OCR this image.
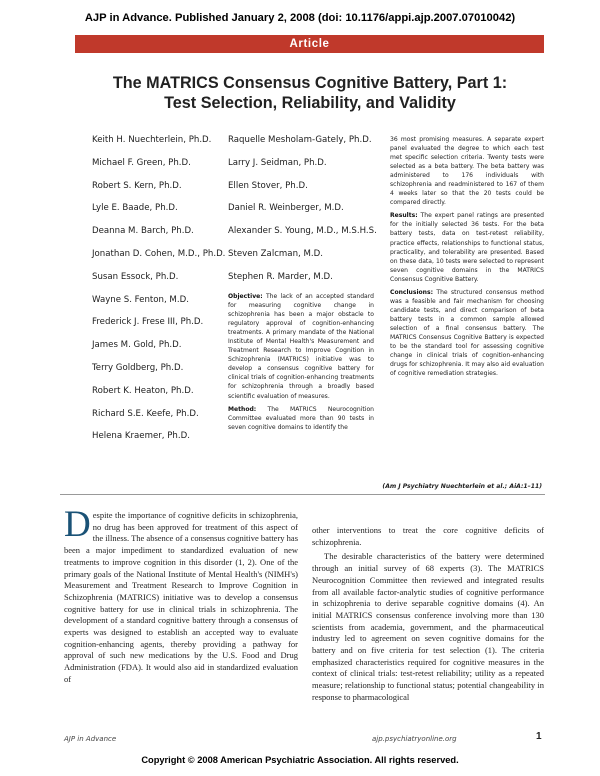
AJP in Advance. Published January 2, 2008 (doi: 10.1176/appi.ajp.2007.07010042)
Article
The MATRICS Consensus Cognitive Battery, Part 1:
Test Selection, Reliability, and Validity
Keith H. Nuechterlein, Ph.D.
Michael F. Green, Ph.D.
Robert S. Kern, Ph.D.
Lyle E. Baade, Ph.D.
Deanna M. Barch, Ph.D.
Jonathan D. Cohen, M.D., Ph.D.
Susan Essock, Ph.D.
Wayne S. Fenton, M.D.
Frederick J. Frese III, Ph.D.
James M. Gold, Ph.D.
Terry Goldberg, Ph.D.
Robert K. Heaton, Ph.D.
Richard S.E. Keefe, Ph.D.
Helena Kraemer, Ph.D.
Raquelle Mesholam-Gately, Ph.D.
Larry J. Seidman, Ph.D.
Ellen Stover, Ph.D.
Daniel R. Weinberger, M.D.
Alexander S. Young, M.D., M.S.H.S.
Steven Zalcman, M.D.
Stephen R. Marder, M.D.

Objective: The lack of an accepted standard for measuring cognitive change in schizophrenia has been a major obstacle to regulatory approval of cognition-enhancing treatments. A primary mandate of the National Institute of Mental Health's Measurement and Treatment Research to Improve Cognition in Schizophrenia (MATRICS) initiative was to develop a consensus cognitive battery for clinical trials of cognition-enhancing treatments for schizophrenia through a broadly based scientific evaluation of measures.

Method: The MATRICS Neurocognition Committee evaluated more than 90 tests in seven cognitive domains to identify the

36 most promising measures. A separate expert panel evaluated the degree to which each test met specific selection criteria. Twenty tests were selected as a beta battery. The beta battery was administered to 176 individuals with schizophrenia and readministered to 167 of them 4 weeks later so that the 20 tests could be compared directly.

Results: The expert panel ratings are presented for the initially selected 36 tests. For the beta battery tests, data on test-retest reliability, practice effects, relationships to functional status, practicality, and tolerability are presented. Based on these data, 10 tests were selected to represent seven cognitive domains in the MATRICS Consensus Cognitive Battery.

Conclusions: The structured consensus method was a feasible and fair mechanism for choosing candidate tests, and direct comparison of beta battery tests in a common sample allowed selection of a final consensus battery. The MATRICS Consensus Cognitive Battery is expected to be the standard tool for assessing cognitive change in clinical trials of cognition-enhancing drugs for schizophrenia. It may also aid evaluation of cognitive remediation strategies.

(Am J Psychiatry Nuechterlein et al.; AiA:1–11)

Despite the importance of cognitive deficits in schizophrenia, no drug has been approved for treatment of this aspect of the illness. The absence of a consensus cognitive battery has been a major impediment to standardized evaluation of new treatments to improve cognition in this disorder (1, 2). One of the primary goals of the National Institute of Mental Health's (NIMH's) Measurement and Treatment Research to Improve Cognition in Schizophrenia (MATRICS) initiative was to develop a consensus cognitive battery for use in clinical trials in schizophrenia. The development of a standard cognitive battery through a consensus of experts was designed to establish an accepted way to evaluate cognition-enhancing agents, thereby providing a pathway for approval of such new medications by the U.S. Food and Drug Administration (FDA). It would also aid in standardized evaluation of

other interventions to treat the core cognitive deficits of schizophrenia.

The desirable characteristics of the battery were determined through an initial survey of 68 experts (3). The MATRICS Neurocognition Committee then reviewed and integrated results from all available factor-analytic studies of cognitive performance in schizophrenia to derive separable cognitive domains (4). An initial MATRICS consensus conference involving more than 130 scientists from academia, government, and the pharmaceutical industry led to agreement on seven cognitive domains for the battery and on five criteria for test selection (1). The criteria emphasized characteristics required for cognitive measures in the context of clinical trials: test-retest reliability; utility as a repeated measure; relationship to functional status; potential changeability in response to pharmacological

AJP in Advance	ajp.psychiatryonline.org	1
Copyright © 2008 American Psychiatric Association. All rights reserved.
